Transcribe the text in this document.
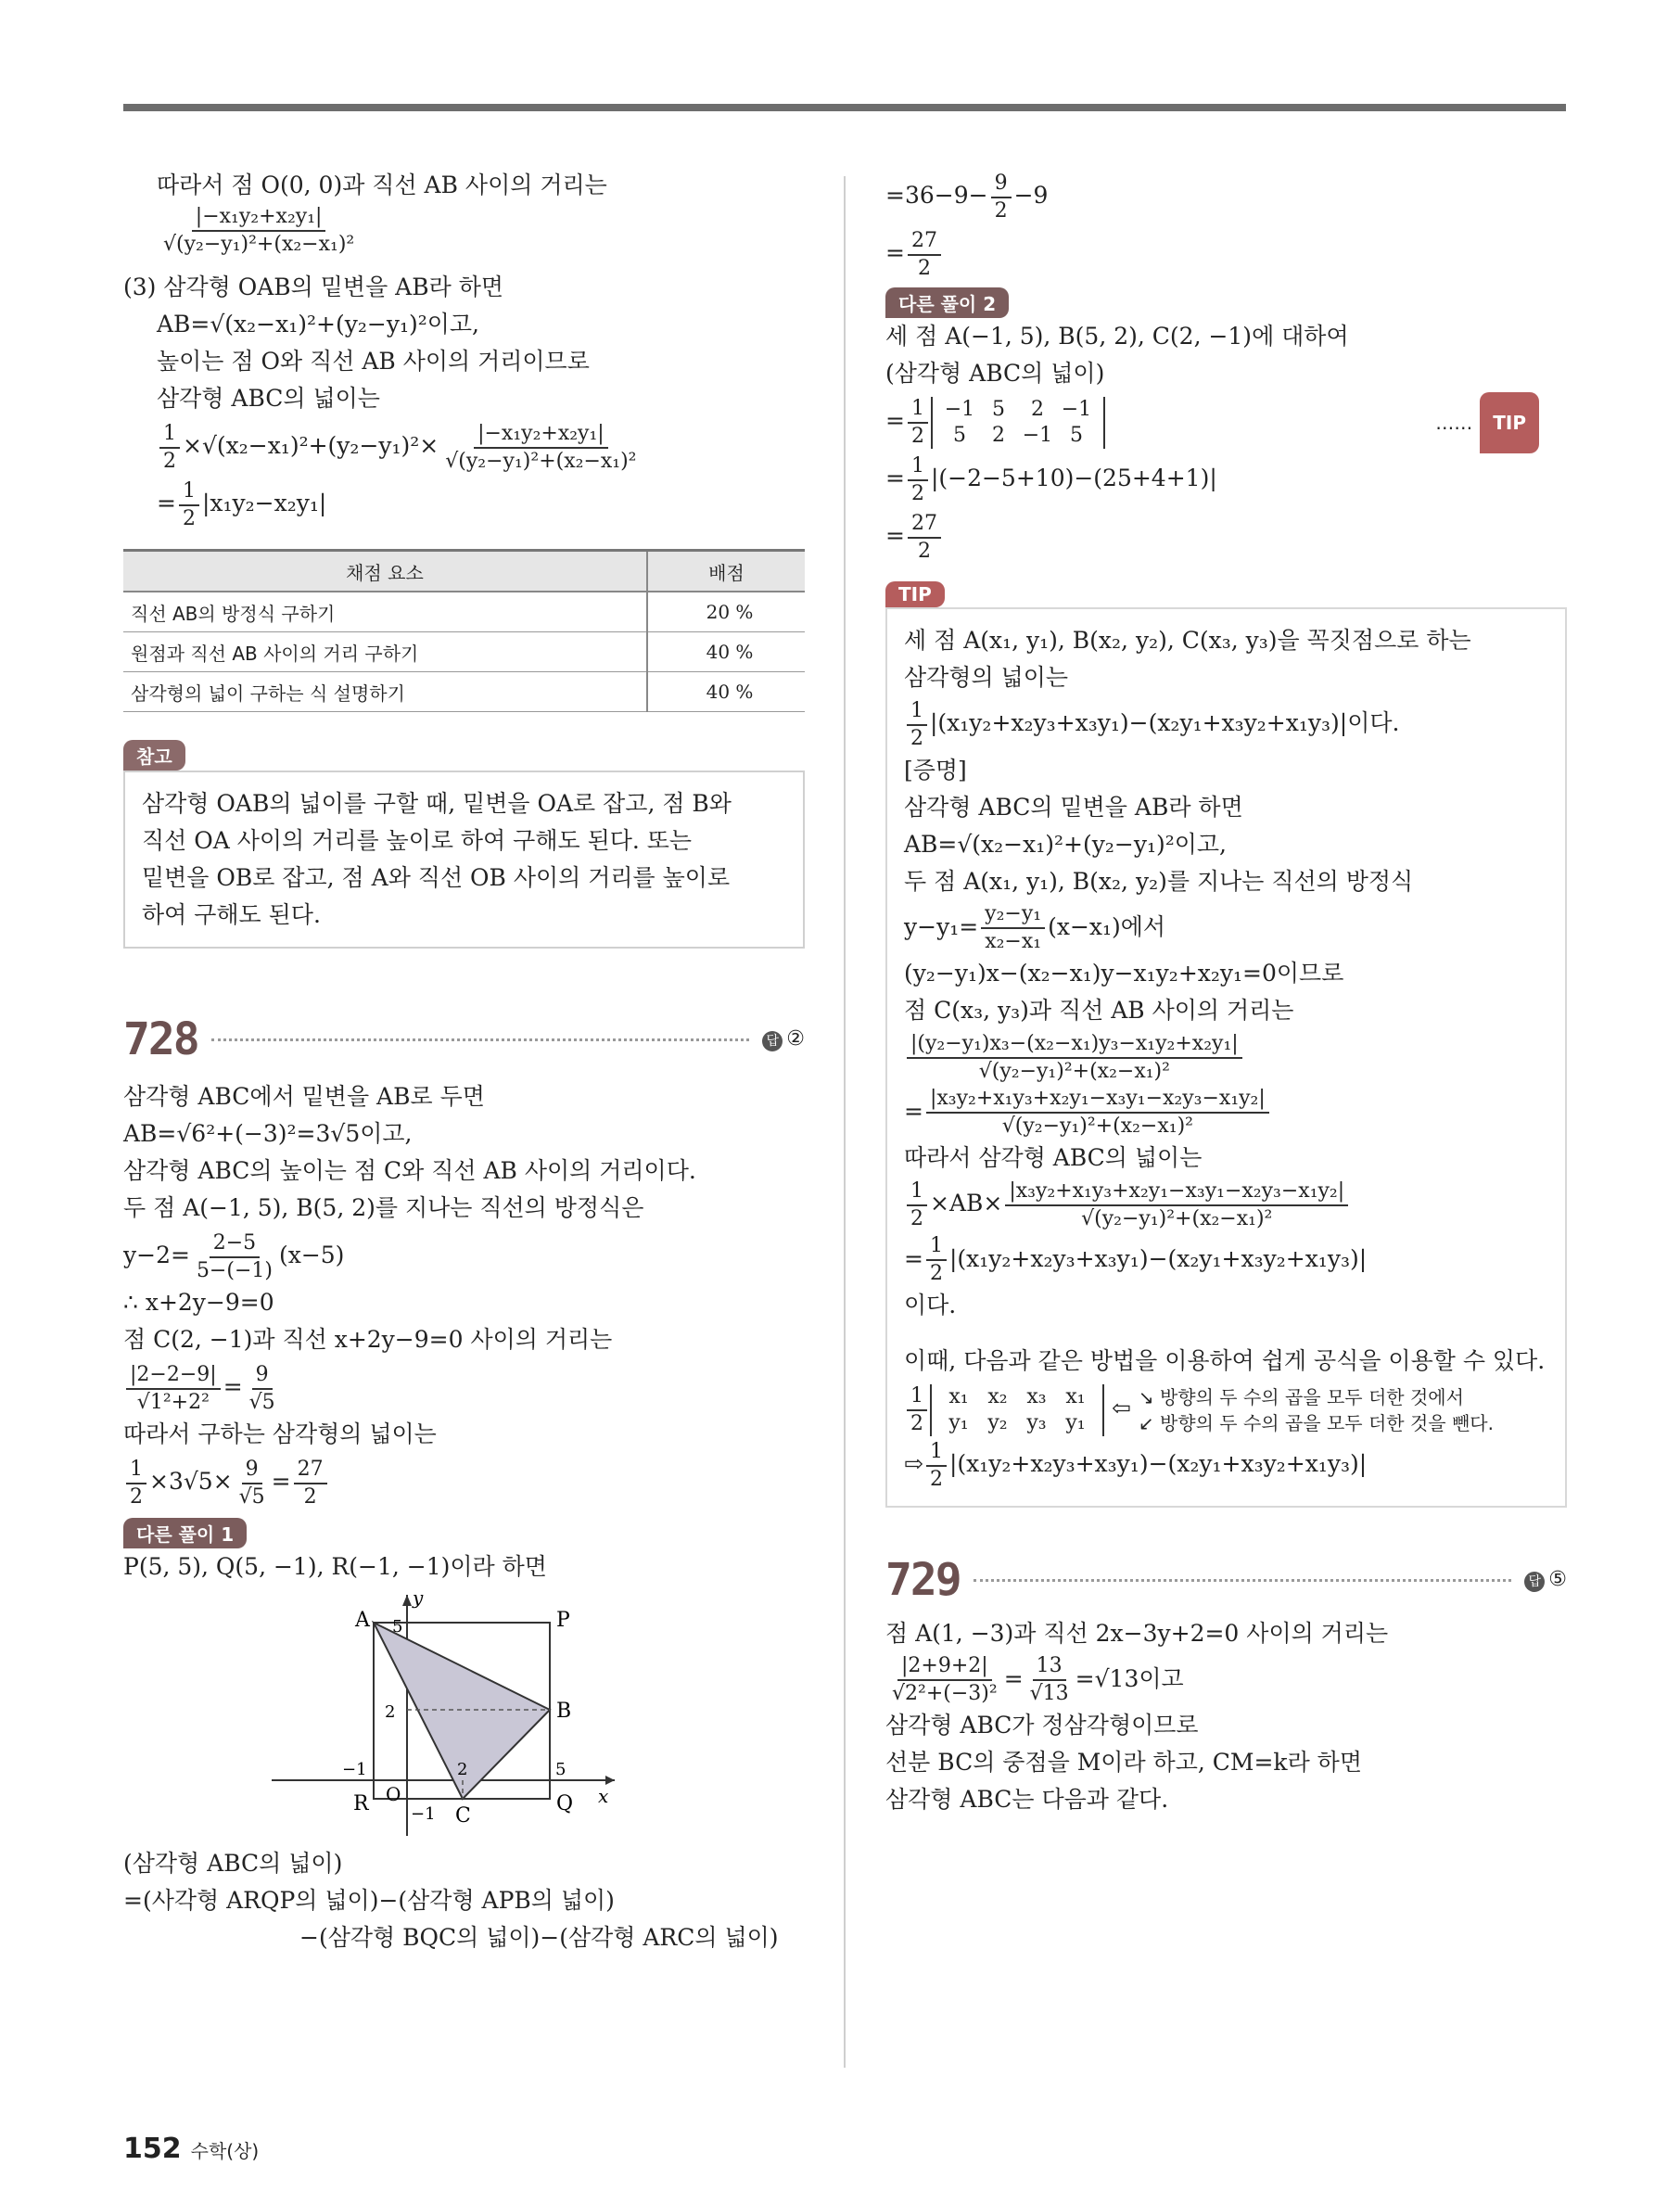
따라서 점 O(0, 0)과 직선 AB 사이의 거리는
$\frac{\text{|−x₁y₂+x₂y₁|}}{\text{√(y₂−y₁)²+(x₂−x₁)²}}$
(3) 삼각형 OAB의 밑변을 AB라 하면
AB=√(x₂−x₁)²+(y₂−y₁)²이고,
높이는 점 O와 직선 AB 사이의 거리이므로
삼각형 ABC의 넓이는
$\frac{1}{2} \times√(x_2-x_1)^2+(y_2-y_1)^2\times \frac{\text{|−x₁y₂+x₂y₁|}}{\text{√(y₂−y₁)²+(x₂−x₁)²}}$
= $\frac{1}{2} |x_1y_2-x_2y_1|$
채점 요소	배점
직선 AB의 방정식 구하기	20 %
원점과 직선 AB 사이의 거리 구하기	40 %
삼각형의 넓이 구하는 식 설명하기	40 %
참고
삼각형 OAB의 넓이를 구할 때, 밑변을 OA로 잡고, 점 B와
직선 OA 사이의 거리를 높이로 하여 구해도 된다. 또는
밑변을 OB로 잡고, 점 A와 직선 OB 사이의 거리를 높이로
하여 구해도 된다.
728	답 ②
삼각형 ABC에서 밑변을 AB로 두면
AB=√6²+(−3)²=3√5이고,
삼각형 ABC의 높이는 점 C와 직선 AB 사이의 거리이다.
두 점 A(−1, 5), B(5, 2)를 지나는 직선의 방정식은
$y-2= \frac{2-5}{5-(-1)} (x-5)$
∴ x+2y−9=0
점 C(2, −1)과 직선 x+2y−9=0 사이의 거리는
$\frac{|2-2-9|}{\text{√1²+2²}} = \frac{9}{√5}$
따라서 구하는 삼각형의 넓이는
$\frac{1}{2} \times 3√5\times \frac{9}{√5} = \frac{27}{2}$
다른 풀이 1
P(5, 5), Q(5, −1), R(−1, −1)이라 하면
A	P
B
Q
R
C
O
y
x
5
2
−1	2	5
−1
(삼각형 ABC의 넓이)
=(사각형 ARQP의 넓이)−(삼각형 APB의 넓이)
−(삼각형 BQC의 넓이)−(삼각형 ARC의 넓이)
$=36-9- \frac{9}{2} -9$
= $\frac{27}{2}$
다른 풀이 2
세 점 A(−1, 5), B(5, 2), C(2, −1)에 대하여
(삼각형 ABC의 넓이)
= $\frac{1}{2} -1$ 5 2 −1
5 2 −1 5
…… TIP
= $\frac{1}{2} |(-2-5+10)-(25+4+1)|$
= $\frac{27}{2}$
TIP
세 점 A(x₁, y₁), B(x₂, y₂), C(x₃, y₃)을 꼭짓점으로 하는
삼각형의 넓이는
$\frac{1}{2} |(x_1y_2+x_2y_3+x_3y_1)-(x_2y_1+x_3y_2+x_1y_3)|$이다.
[증명]
삼각형 ABC의 밑변을 AB라 하면
AB=√(x₂−x₁)²+(y₂−y₁)²이고,
두 점 A(x₁, y₁), B(x₂, y₂)를 지나는 직선의 방정식
$y-y_1= \frac{\text{y₂−y₁}}{\text{x₂−x₁}} (x-x_1)$에서
(y₂−y₁)x−(x₂−x₁)y−x₁y₂+x₂y₁=0이므로
점 C(x₃, y₃)과 직선 AB 사이의 거리는
$\frac{\text{|(y₂−y₁)x₃−(x₂−x₁)y₃−x₁y₂+x₂y₁|}}{\text{√(y₂−y₁)²+(x₂−x₁)²}}$
= $\frac{\text{|x₃y₂+x₁y₃+x₂y₁−x₃y₁−x₂y₃−x₁y₂|}}{\text{√(y₂−y₁)²+(x₂−x₁)²}}$
따라서 삼각형 ABC의 넓이는
$\frac{1}{2} \times AB\times \frac{\text{|x₃y₂+x₁y₃+x₂y₁−x₃y₁−x₂y₃−x₁y₂|}}{\text{√(y₂−y₁)²+(x₂−x₁)²}}$
= $\frac{1}{2} |(x_1y_2+x_2y_3+x_3y_1)-(x_2y_1+x_3y_2+x_1y_3)|$
이다.
이때, 다음과 같은 방법을 이용하여 쉽게 공식을 이용할 수 있다.
$\frac{1}{2} x_1$ x₂ x₃ x₁
y₁ y₂ y₃ y₁ ⇦ ↘ 방향의 두 수의 곱을 모두 더한 것에서
↙ 방향의 두 수의 곱을 모두 더한 것을 뺀다.
⇨ $\frac{1}{2} |(x_1y_2+x_2y_3+x_3y_1)-(x_2y_1+x_3y_2+x_1y_3)|$
729	답 ⑤
점 A(1, −3)과 직선 2x−3y+2=0 사이의 거리는
$\frac{|2+9+2|}{\text{√2²+(−3)²}} = \frac{13}{√13} =√13$이고
삼각형 ABC가 정삼각형이므로
선분 BC의 중점을 M이라 하고, CM=k라 하면
삼각형 ABC는 다음과 같다.
152 수학(상)
